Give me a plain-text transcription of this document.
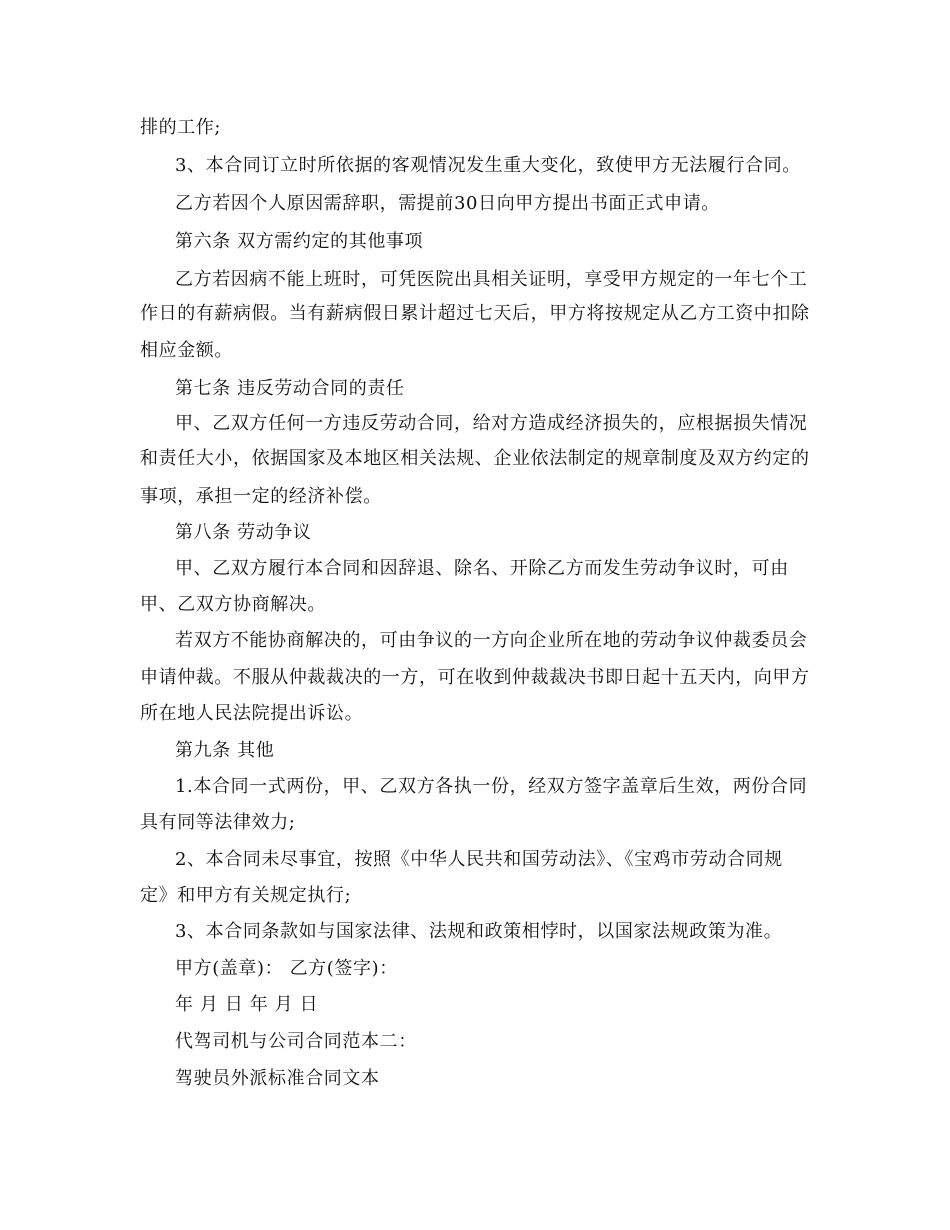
排的工作;
3、本合同订立时所依据的客观情况发生重大变化，致使甲方无法履行合同。
乙方若因个人原因需辞职，需提前30日向甲方提出书面正式申请。
第六条 双方需约定的其他事项
乙方若因病不能上班时，可凭医院出具相关证明，享受甲方规定的一年七个工
作日的有薪病假。当有薪病假日累计超过七天后，甲方将按规定从乙方工资中扣除
相应金额。
第七条 违反劳动合同的责任
甲、乙双方任何一方违反劳动合同，给对方造成经济损失的，应根据损失情况
和责任大小，依据国家及本地区相关法规、企业依法制定的规章制度及双方约定的
事项，承担一定的经济补偿。
第八条 劳动争议
甲、乙双方履行本合同和因辞退、除名、开除乙方而发生劳动争议时，可由
甲、乙双方协商解决。
若双方不能协商解决的，可由争议的一方向企业所在地的劳动争议仲裁委员会
申请仲裁。不服从仲裁裁决的一方，可在收到仲裁裁决书即日起十五天内，向甲方
所在地人民法院提出诉讼。
第九条 其他
1.本合同一式两份，甲、乙双方各执一份，经双方签字盖章后生效，两份合同
具有同等法律效力;
2、本合同未尽事宜，按照《中华人民共和国劳动法》、《宝鸡市劳动合同规
定》和甲方有关规定执行;
3、本合同条款如与国家法律、法规和政策相悖时，以国家法规政策为准。
甲方(盖章)： 乙方(签字)：
年 月 日 年 月 日
代驾司机与公司合同范本二：
驾驶员外派标准合同文本
